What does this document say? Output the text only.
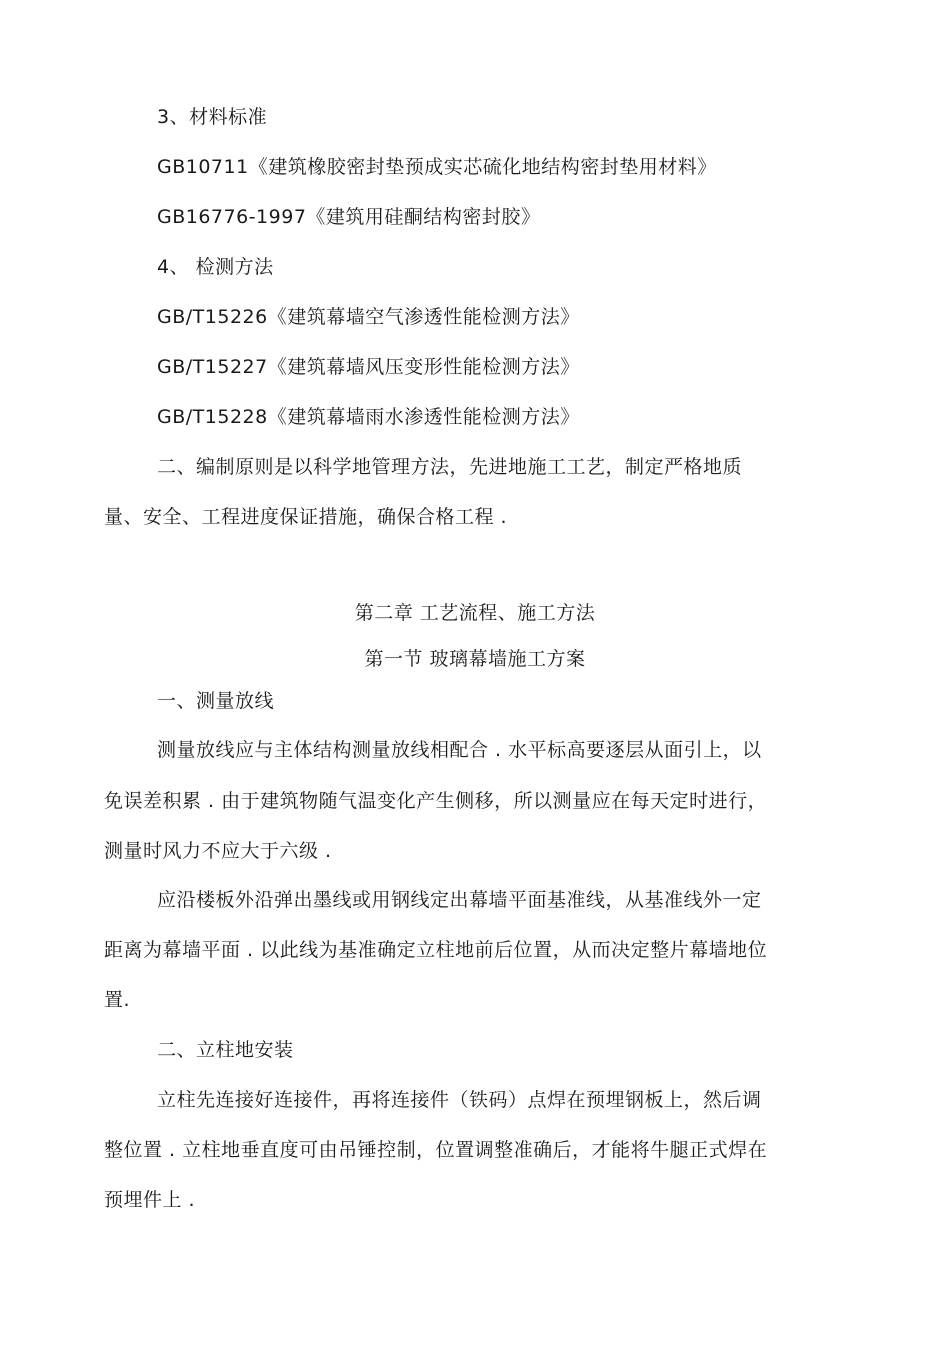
3、材料标准
GB10711《建筑橡胶密封垫预成实芯硫化地结构密封垫用材料》
GB16776-1997《建筑用硅酮结构密封胶》
4、 检测方法
GB/T15226《建筑幕墙空气渗透性能检测方法》
GB/T15227《建筑幕墙风压变形性能检测方法》
GB/T15228《建筑幕墙雨水渗透性能检测方法》
二、编制原则是以科学地管理方法，先进地施工工艺，制定严格地质
量、安全、工程进度保证措施，确保合格工程 .
第二章 工艺流程、施工方法
第一节 玻璃幕墙施工方案
一、测量放线
测量放线应与主体结构测量放线相配合 . 水平标高要逐层从面引上，以
免误差积累 . 由于建筑物随气温变化产生侧移，所以测量应在每天定时进行，
测量时风力不应大于六级 .
应沿楼板外沿弹出墨线或用钢线定出幕墙平面基准线，从基准线外一定
距离为幕墙平面 . 以此线为基准确定立柱地前后位置，从而决定整片幕墙地位
置.
二、立柱地安装
立柱先连接好连接件，再将连接件（铁码）点焊在预埋钢板上，然后调
整位置 . 立柱地垂直度可由吊锤控制，位置调整准确后，才能将牛腿正式焊在
预埋件上 .
